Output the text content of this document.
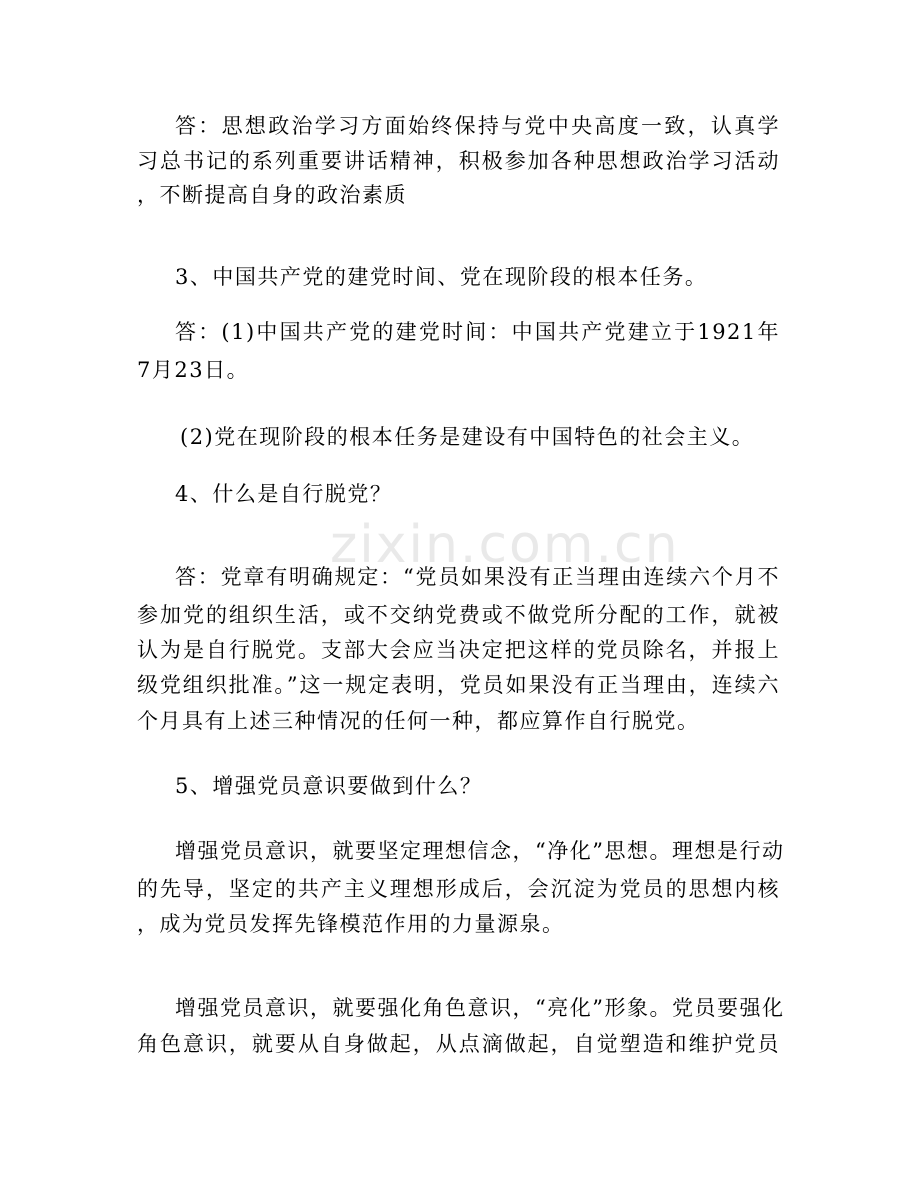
zixin.com.cn
答：思想政治学习方面始终保持与党中央高度一致，认真学
习总书记的系列重要讲话精神，积极参加各种思想政治学习活动
，不断提高自身的政治素质
3、中国共产党的建党时间、党在现阶段的根本任务。
答：(1)中国共产党的建党时间：中国共产党建立于1921年
7月23日。
(2)党在现阶段的根本任务是建设有中国特色的社会主义。
4、什么是自行脱党？
答：党章有明确规定：“党员如果没有正当理由连续六个月不
参加党的组织生活，或不交纳党费或不做党所分配的工作，就被
认为是自行脱党。支部大会应当决定把这样的党员除名，并报上
级党组织批准。”这一规定表明，党员如果没有正当理由，连续六
个月具有上述三种情况的任何一种，都应算作自行脱党。
5、增强党员意识要做到什么？
增强党员意识，就要坚定理想信念，“净化”思想。理想是行动
的先导，坚定的共产主义理想形成后，会沉淀为党员的思想内核
，成为党员发挥先锋模范作用的力量源泉。
增强党员意识，就要强化角色意识，“亮化”形象。党员要强化
角色意识，就要从自身做起，从点滴做起，自觉塑造和维护党员
